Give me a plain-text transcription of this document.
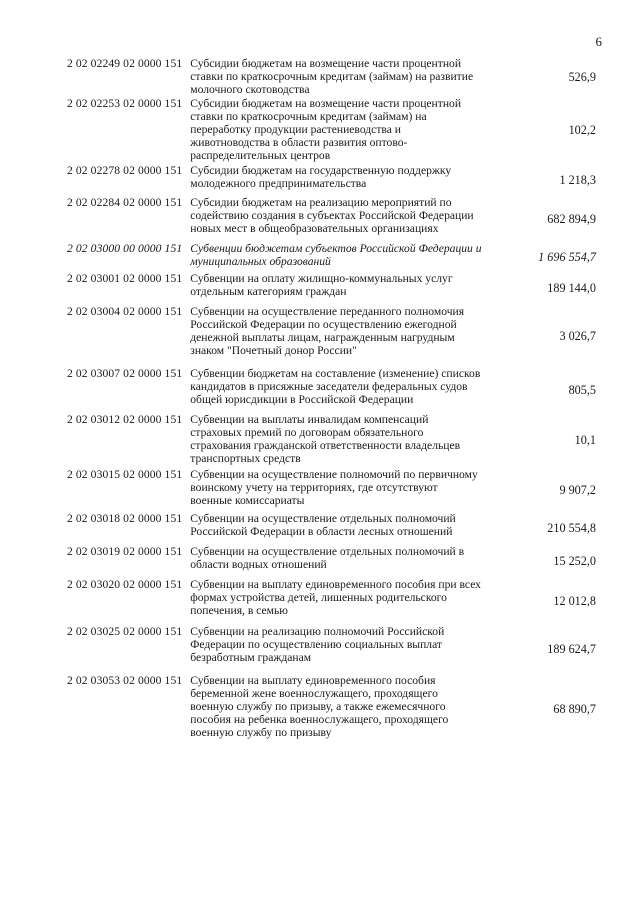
6
2 02 02249 02 0000 151	Субсидии бюджетам на возмещение части процентной ставки по краткосрочным кредитам (займам) на развитие молочного скотоводства	526,9
2 02 02253 02 0000 151	Субсидии бюджетам на возмещение части процентной ставки по краткосрочным кредитам (займам) на переработку продукции растениеводства и животноводства в области развития оптово-распределительных центров	102,2
2 02 02278 02 0000 151	Субсидии бюджетам на государственную поддержку молодежного предпринимательства	1 218,3
2 02 02284 02 0000 151	Субсидии бюджетам на реализацию мероприятий по содействию создания в субъектах Российской Федерации новых мест в общеобразовательных организациях	682 894,9
2 02 03000 00 0000 151	Субвенции бюджетам субъектов Российской Федерации и муниципальных образований	1 696 554,7
2 02 03001 02 0000 151	Субвенции на оплату жилищно-коммунальных услуг отдельным категориям граждан	189 144,0
2 02 03004 02 0000 151	Субвенции на осуществление переданного полномочия Российской Федерации по осуществлению ежегодной денежной выплаты лицам, награжденным нагрудным знаком "Почетный донор России"	3 026,7
2 02 03007 02 0000 151	Субвенции бюджетам на составление (изменение) списков кандидатов в присяжные заседатели федеральных судов общей юрисдикции в Российской Федерации	805,5
2 02 03012 02 0000 151	Субвенции на выплаты инвалидам компенсаций страховых премий по договорам обязательного страхования гражданской ответственности владельцев транспортных средств	10,1
2 02 03015 02 0000 151	Субвенции на осуществление полномочий по первичному воинскому учету на территориях, где отсутствуют военные комиссариаты	9 907,2
2 02 03018 02 0000 151	Субвенции на осуществление отдельных полномочий Российской Федерации в области лесных отношений	210 554,8
2 02 03019 02 0000 151	Субвенции на осуществление отдельных полномочий в области водных отношений	15 252,0
2 02 03020 02 0000 151	Субвенции на выплату единовременного пособия при всех формах устройства детей, лишенных родительского попечения, в семью	12 012,8
2 02 03025 02 0000 151	Субвенции на реализацию полномочий Российской Федерации по осуществлению социальных выплат безработным гражданам	189 624,7
2 02 03053 02 0000 151	Субвенции на выплату единовременного пособия беременной жене военнослужащего, проходящего военную службу по призыву, а также ежемесячного пособия на ребенка военнослужащего, проходящего военную службу по призыву	68 890,7
